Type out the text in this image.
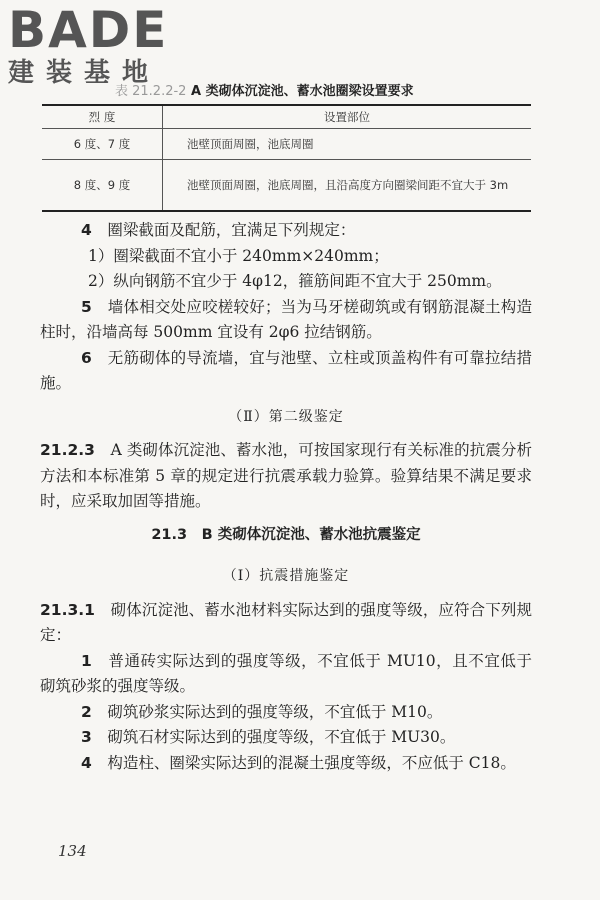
BADE
建装基地
表 21.2.2-2 A 类砌体沉淀池、蓄水池圈梁设置要求
烈 度	设置部位
6 度、7 度	池壁顶面周圈，池底周圈
8 度、9 度	池壁顶面周圈，池底周圈，且沿高度方向圈梁间距不宜大于 3m

4　 圈梁截面及配筋，宜满足下列规定：

1）圈梁截面不宜小于 240mm×240mm；

2）纵向钢筋不宜少于 4φ12，箍筋间距不宜大于 250mm。

5　 墙体相交处应咬槎较好；当为马牙槎砌筑或有钢筋混凝土构造柱时，沿墙高每 500mm 宜设有 2φ6 拉结钢筋。

6　 无筋砌体的导流墙，宜与池壁、立柱或顶盖构件有可靠拉结措施。

（Ⅱ）第二级鉴定

21.2.3　 A 类砌体沉淀池、蓄水池，可按国家现行有关标准的抗震分析方法和本标准第 5 章的规定进行抗震承载力验算。验算结果不满足要求时，应采取加固等措施。

21.3　B 类砌体沉淀池、蓄水池抗震鉴定

（Ⅰ）抗震措施鉴定

21.3.1　 砌体沉淀池、蓄水池材料实际达到的强度等级，应符合下列规定：

1　 普通砖实际达到的强度等级，不宜低于 MU10，且不宜低于砌筑砂浆的强度等级。

2　 砌筑砂浆实际达到的强度等级，不宜低于 M10。

3　 砌筑石材实际达到的强度等级，不宜低于 MU30。

4　 构造柱、圈梁实际达到的混凝土强度等级，不应低于 C18。

134
